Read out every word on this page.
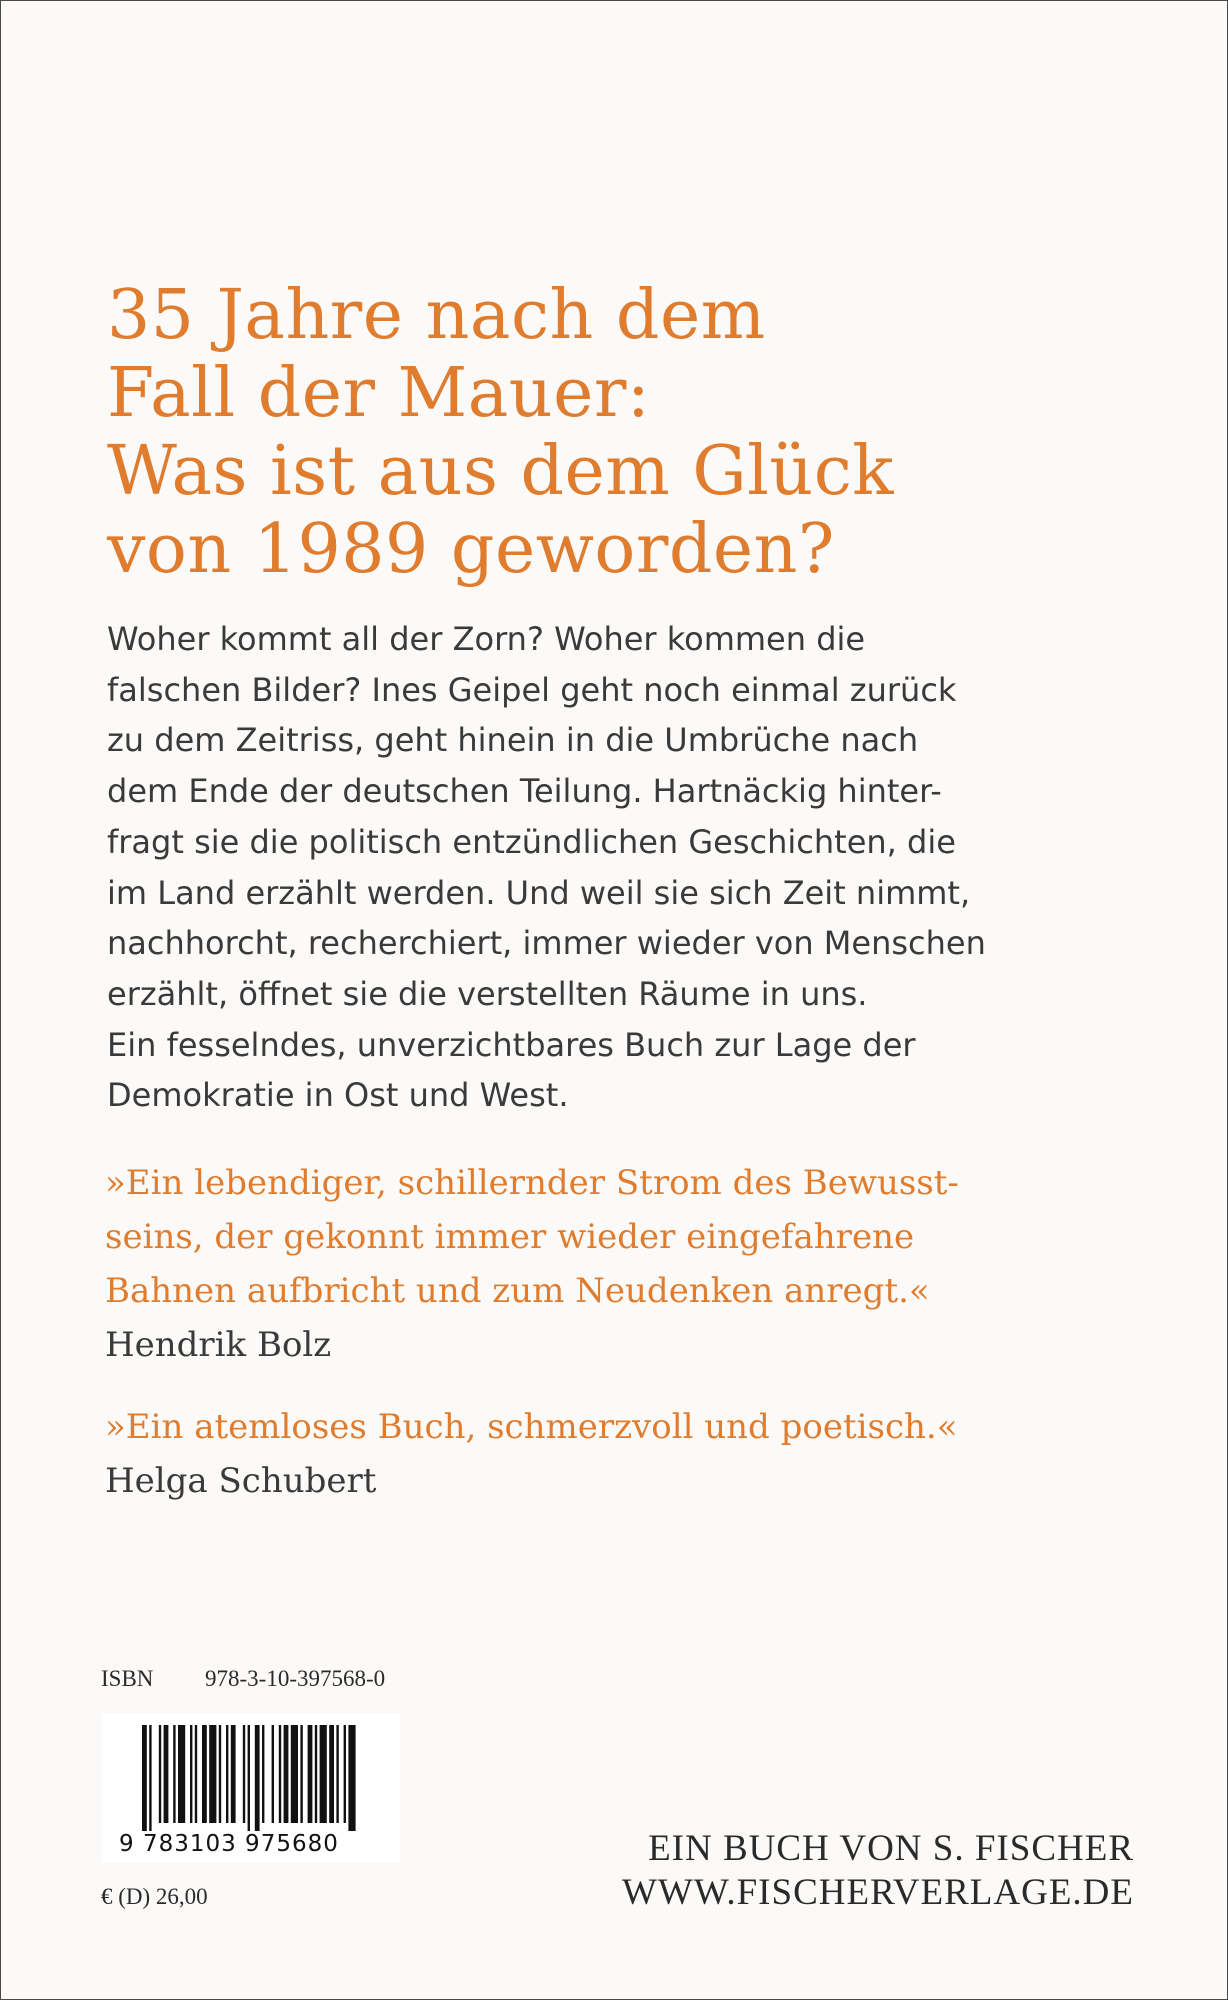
35 Jahre nach dem
Fall der Mauer:
Was ist aus dem Glück
von 1989 geworden?

Woher kommt all der Zorn? Woher kommen die
falschen Bilder? Ines Geipel geht noch einmal zurück
zu dem Zeitriss, geht hinein in die Umbrüche nach
dem Ende der deutschen Teilung. Hartnäckig hinter-
fragt sie die politisch entzündlichen Geschichten, die
im Land erzählt werden. Und weil sie sich Zeit nimmt,
nachhorcht, recherchiert, immer wieder von Menschen
erzählt, öffnet sie die verstellten Räume in uns.
Ein fesselndes, unverzichtbares Buch zur Lage der
Demokratie in Ost und West.

»Ein lebendiger, schillernder Strom des Bewusst-
seins, der gekonnt immer wieder eingefahrene
Bahnen aufbricht und zum Neudenken anregt.«
Hendrik Bolz
»Ein atemloses Buch, schmerzvoll und poetisch.«
Helga Schubert
ISBN 978-3-10-397568-0
9 783103 975680
€ (D) 26,00
EIN BUCH VON S. FISCHER
WWW.FISCHERVERLAGE.DE
